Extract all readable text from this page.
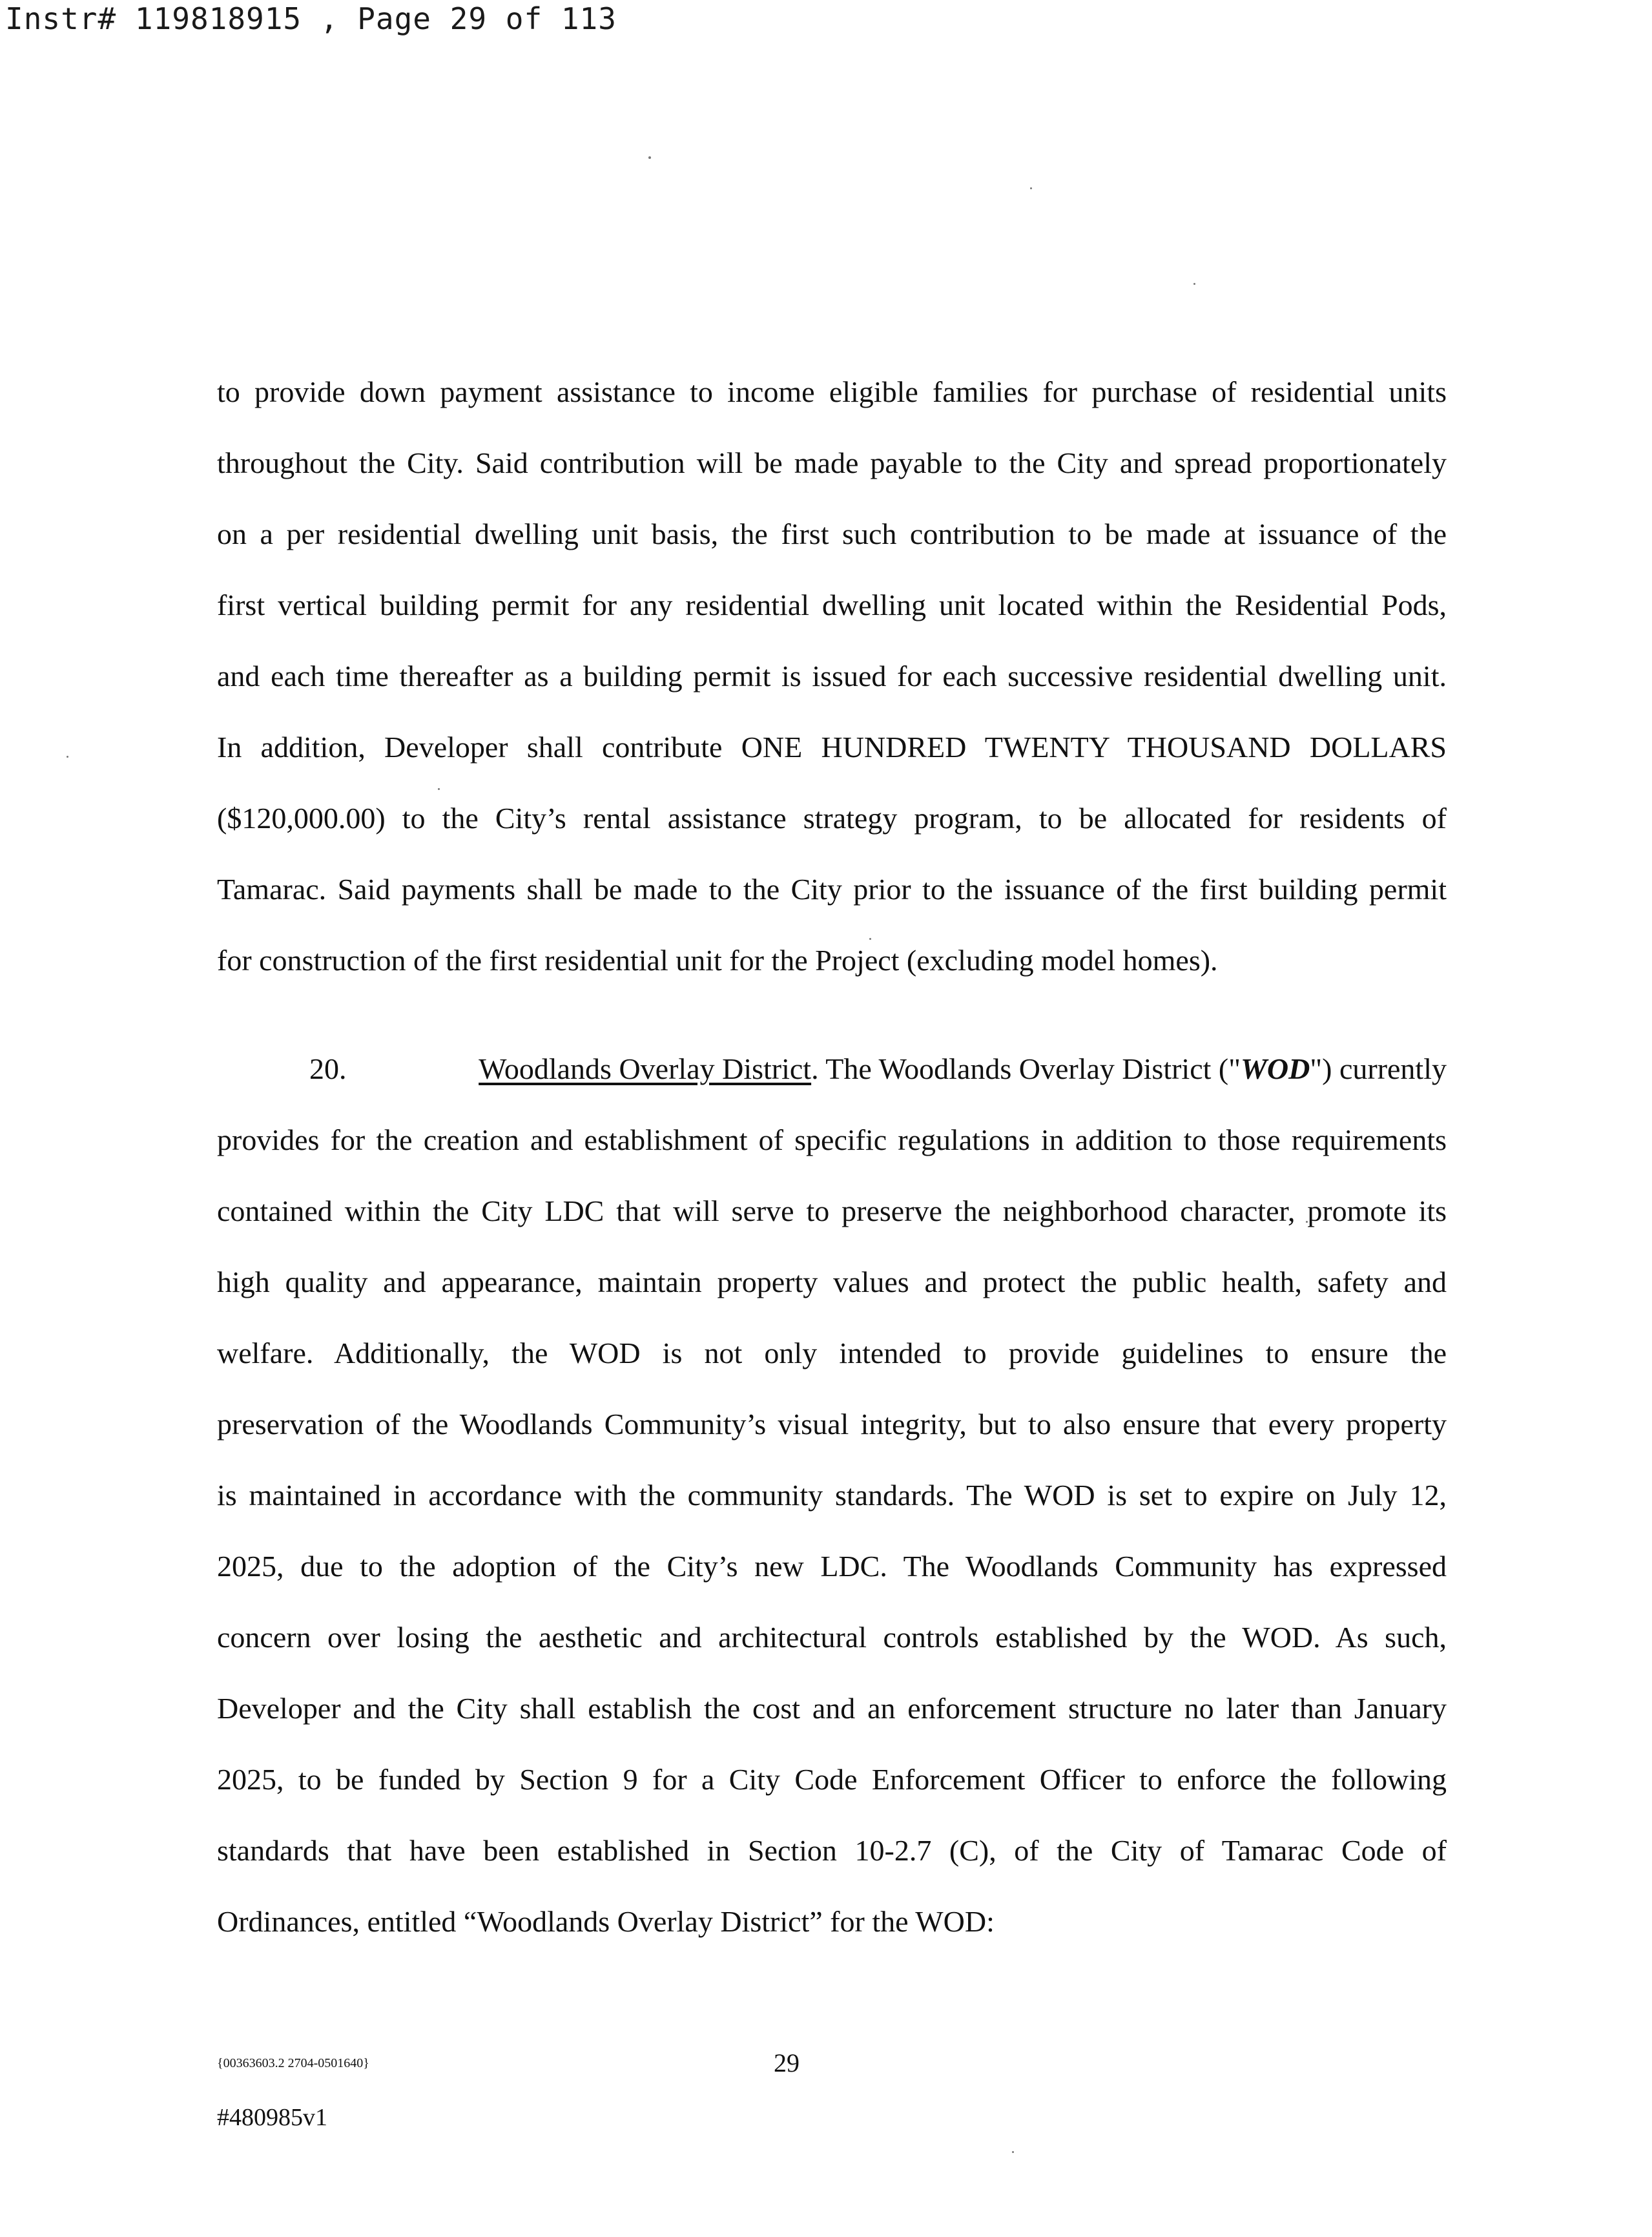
Instr# 119818915 , Page 29 of 113
to provide down payment assistance to income eligible families for purchase of residential units
throughout the City. Said contribution will be made payable to the City and spread proportionately
on a per residential dwelling unit basis, the first such contribution to be made at issuance of the
first vertical building permit for any residential dwelling unit located within the Residential Pods,
and each time thereafter as a building permit is issued for each successive residential dwelling unit.
In addition, Developer shall contribute ONE HUNDRED TWENTY THOUSAND DOLLARS
($120,000.00) to the City’s rental assistance strategy program, to be allocated for residents of
Tamarac. Said payments shall be made to the City prior to the issuance of the first building permit
for construction of the first residential unit for the Project (excluding model homes).
20.	Woodlands Overlay District. The Woodlands Overlay District ("WOD") currently
provides for the creation and establishment of specific regulations in addition to those requirements
contained within the City LDC that will serve to preserve the neighborhood character, promote its
high quality and appearance, maintain property values and protect the public health, safety and
welfare. Additionally, the WOD is not only intended to provide guidelines to ensure the
preservation of the Woodlands Community’s visual integrity, but to also ensure that every property
is maintained in accordance with the community standards. The WOD is set to expire on July 12,
2025, due to the adoption of the City’s new LDC. The Woodlands Community has expressed
concern over losing the aesthetic and architectural controls established by the WOD. As such,
Developer and the City shall establish the cost and an enforcement structure no later than January
2025, to be funded by Section 9 for a City Code Enforcement Officer to enforce the following
standards that have been established in Section 10-2.7 (C), of the City of Tamarac Code of
Ordinances, entitled “Woodlands Overlay District” for the WOD:
{00363603.2 2704-0501640}	29
#480985v1
